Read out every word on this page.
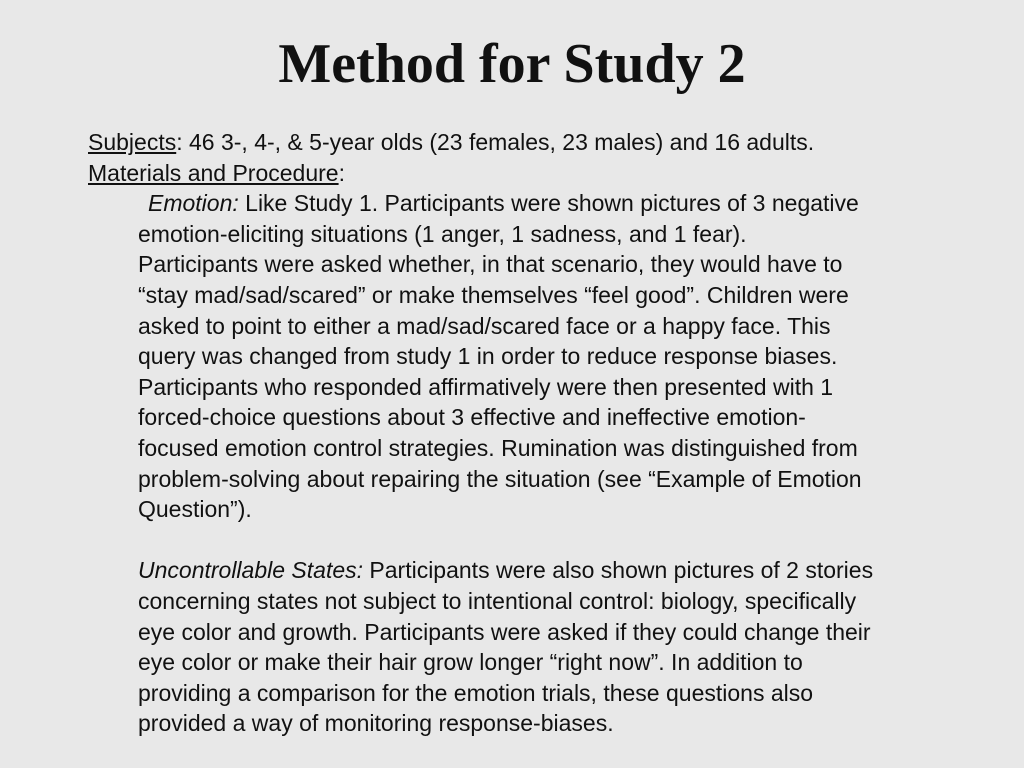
Method for Study 2
Subjects: 46 3-, 4-, & 5-year olds (23 females, 23 males) and 16 adults.
Materials and Procedure:
Emotion: Like Study 1. Participants were shown pictures of 3 negative
emotion-eliciting situations (1 anger, 1 sadness, and 1 fear).
Participants were asked whether, in that scenario, they would have to
“stay mad/sad/scared” or make themselves “feel good”. Children were
asked to point to either a mad/sad/scared face or a happy face. This
query was changed from study 1 in order to reduce response biases.
Participants who responded affirmatively were then presented with 1
forced-choice questions about 3 effective and ineffective emotion-
focused emotion control strategies. Rumination was distinguished from
problem-solving about repairing the situation (see “Example of Emotion
Question”).
Uncontrollable States: Participants were also shown pictures of 2 stories
concerning states not subject to intentional control: biology, specifically
eye color and growth. Participants were asked if they could change their
eye color or make their hair grow longer “right now”. In addition to
providing a comparison for the emotion trials, these questions also
provided a way of monitoring response-biases.
